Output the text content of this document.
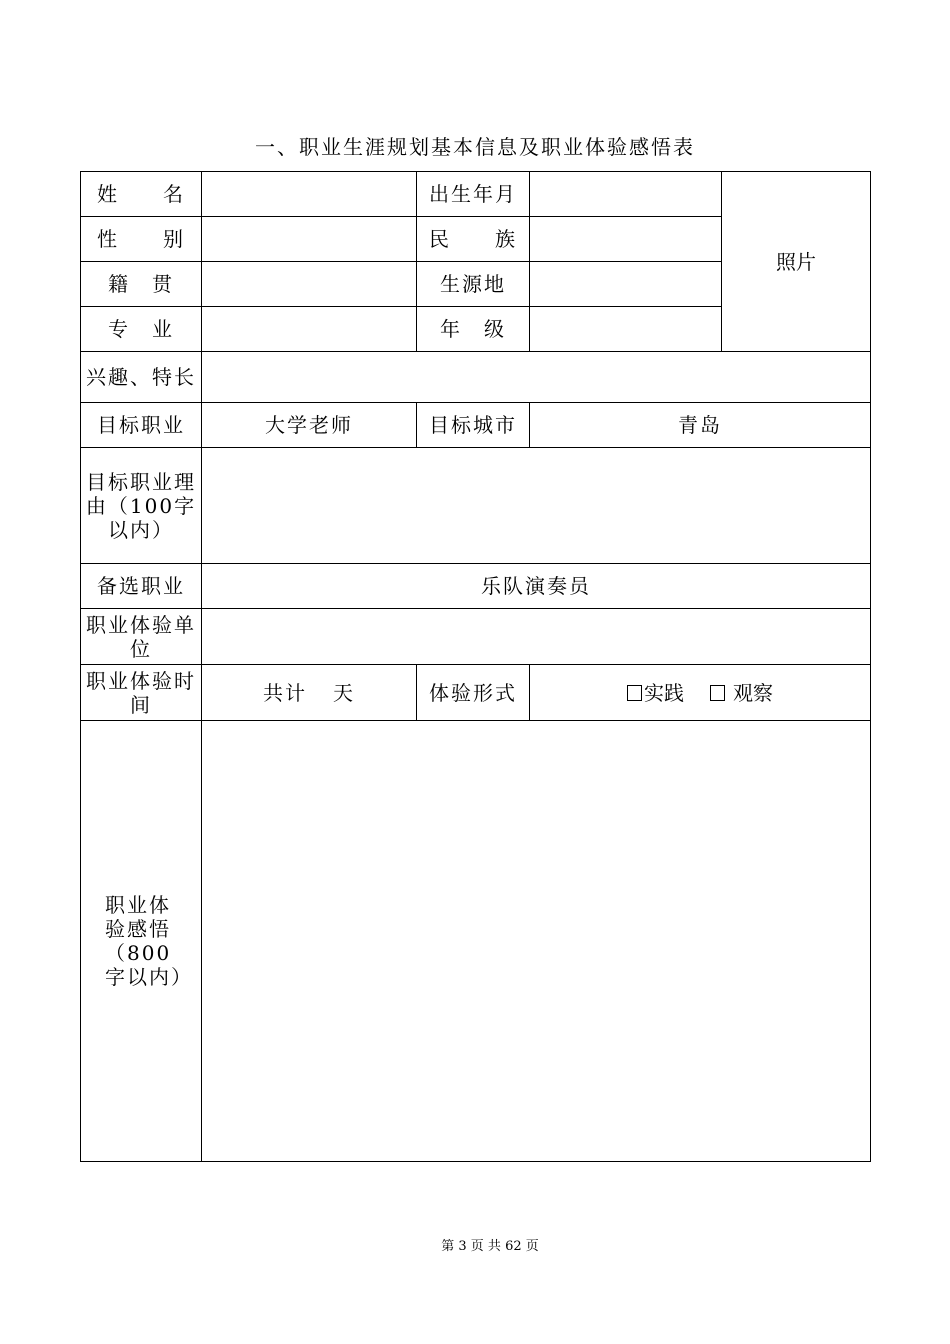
一、职业生涯规划基本信息及职业体验感悟表
姓　　名		出生年月		照片
性　　别		民　　族		
籍　贯		生源地		
专　业		年　级		
兴趣、特长				
目标职业	大学老师	目标城市	青岛	
目标职业理由（100字以内）				
备选职业	乐队演奏员			
职业体验单位				
职业体验时间	共计 天	体验形式	实践 观察	
职业体验感悟（800字以内）				
第 3 页 共 62 页
